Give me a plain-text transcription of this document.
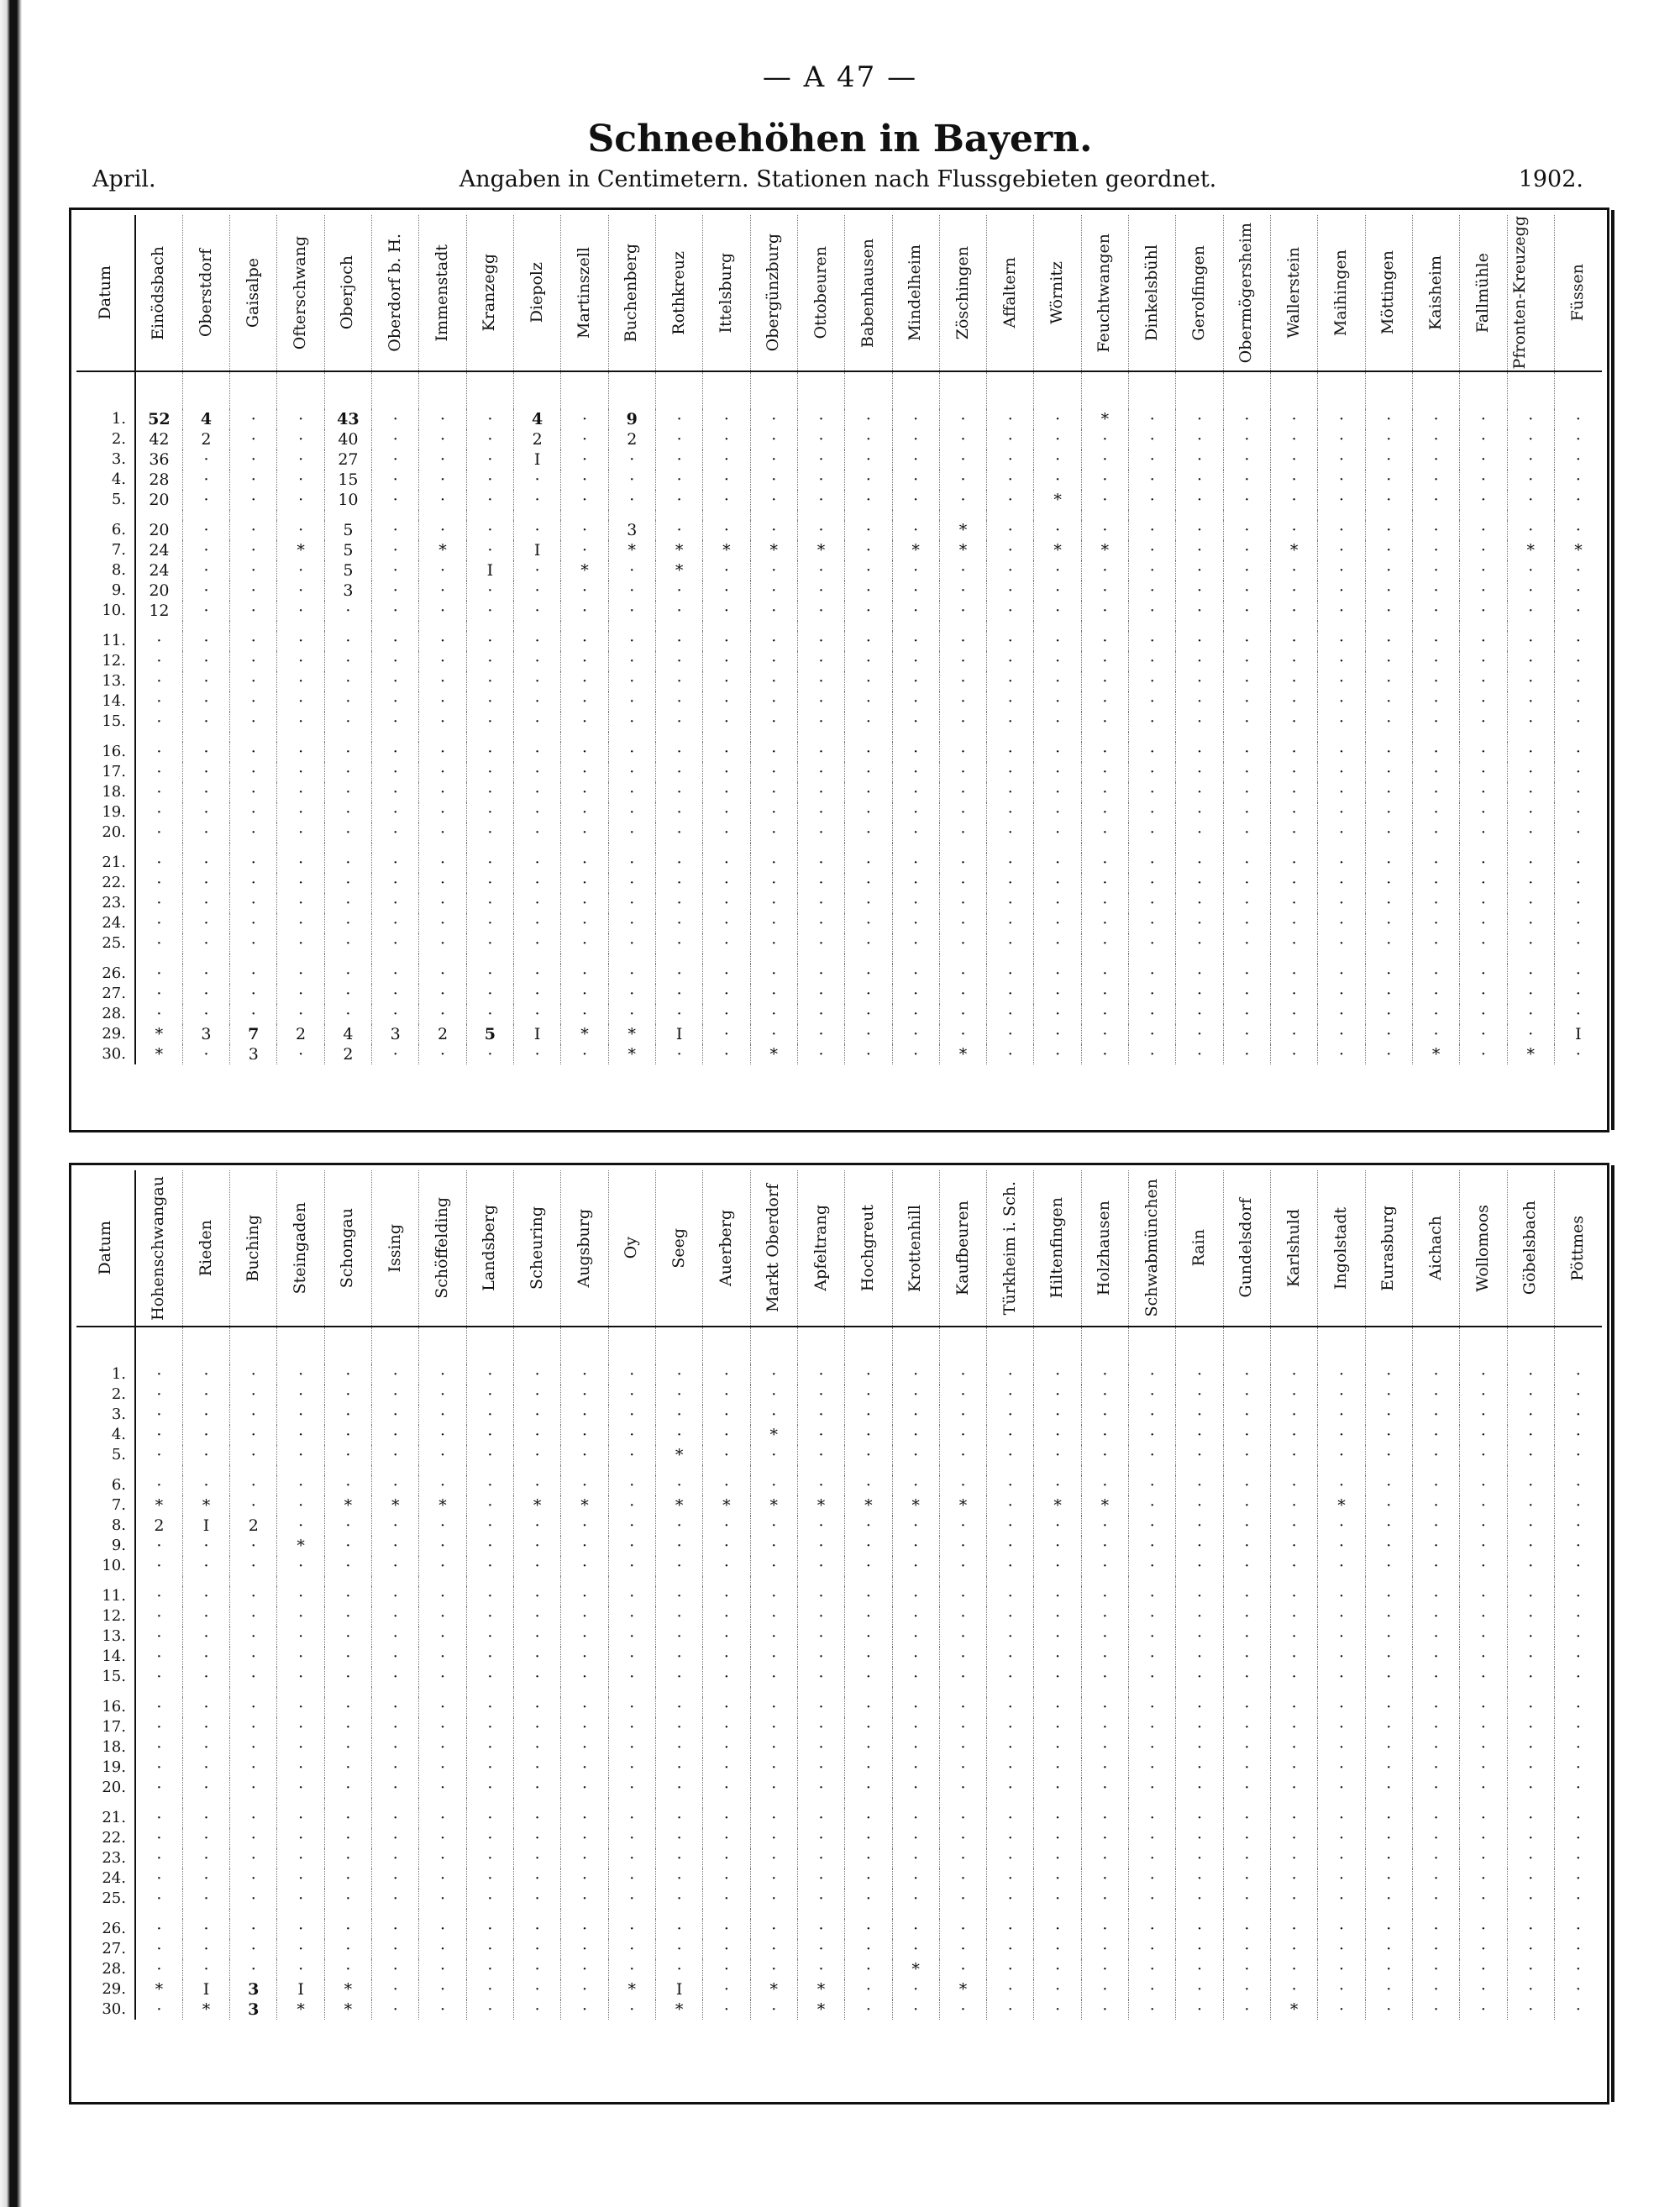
— A 47 —
Schneehöhen in Bayern.
Angaben in Centimetern. Stationen nach Flussgebieten geordnet.
April.	1902.
Datum	Einödsbach	Oberstdorf	Gaisalpe	Ofterschwang	Oberjoch	Oberdorf b. H.	Immenstadt	Kranzegg	Diepolz	Martinszell	Buchenberg	Rothkreuz	Ittelsburg	Obergünzburg	Ottobeuren	Babenhausen	Mindelheim	Zöschingen	Affaltern	Wörnitz	Feuchtwangen	Dinkelsbühl	Gerolfingen	Obermögersheim	Wallerstein	Maihingen	Möttingen	Kaisheim	Fallmühle	Pfronten-Kreuzegg	Füssen

1.	52	4	·	·	43	·	·	·	4	·	9	·	·	·	·	·	·	·	·	·	*	·	·	·	·	·	·	·	·	·	·
2.	42	2	·	·	40	·	·	·	2	·	2	·	·	·	·	·	·	·	·	·	·	·	·	·	·	·	·	·	·	·	·
3.	36	·	·	·	27	·	·	·	I	·	·	·	·	·	·	·	·	·	·	·	·	·	·	·	·	·	·	·	·	·	·
4.	28	·	·	·	15	·	·	·	·	·	·	·	·	·	·	·	·	·	·	·	·	·	·	·	·	·	·	·	·	·	·
5.	20	·	·	·	10	·	·	·	·	·	·	·	·	·	·	·	·	·	·	*	·	·	·	·	·	·	·	·	·	·	·

6.	20	·	·	·	5	·	·	·	·	·	3	·	·	·	·	·	·	*	·	·	·	·	·	·	·	·	·	·	·	·	·
7.	24	·	·	*	5	·	*	·	I	·	*	*	*	*	*	·	*	*	·	*	*	·	·	·	*	·	·	·	·	*	*
8.	24	·	·	·	5	·	·	I	·	*	·	*	·	·	·	·	·	·	·	·	·	·	·	·	·	·	·	·	·	·	·
9.	20	·	·	·	3	·	·	·	·	·	·	·	·	·	·	·	·	·	·	·	·	·	·	·	·	·	·	·	·	·	·
10.	12	·	·	·	·	·	·	·	·	·	·	·	·	·	·	·	·	·	·	·	·	·	·	·	·	·	·	·	·	·	·

11.	·	·	·	·	·	·	·	·	·	·	·	·	·	·	·	·	·	·	·	·	·	·	·	·	·	·	·	·	·	·	·
12.	·	·	·	·	·	·	·	·	·	·	·	·	·	·	·	·	·	·	·	·	·	·	·	·	·	·	·	·	·	·	·
13.	·	·	·	·	·	·	·	·	·	·	·	·	·	·	·	·	·	·	·	·	·	·	·	·	·	·	·	·	·	·	·
14.	·	·	·	·	·	·	·	·	·	·	·	·	·	·	·	·	·	·	·	·	·	·	·	·	·	·	·	·	·	·	·
15.	·	·	·	·	·	·	·	·	·	·	·	·	·	·	·	·	·	·	·	·	·	·	·	·	·	·	·	·	·	·	·

16.	·	·	·	·	·	·	·	·	·	·	·	·	·	·	·	·	·	·	·	·	·	·	·	·	·	·	·	·	·	·	·
17.	·	·	·	·	·	·	·	·	·	·	·	·	·	·	·	·	·	·	·	·	·	·	·	·	·	·	·	·	·	·	·
18.	·	·	·	·	·	·	·	·	·	·	·	·	·	·	·	·	·	·	·	·	·	·	·	·	·	·	·	·	·	·	·
19.	·	·	·	·	·	·	·	·	·	·	·	·	·	·	·	·	·	·	·	·	·	·	·	·	·	·	·	·	·	·	·
20.	·	·	·	·	·	·	·	·	·	·	·	·	·	·	·	·	·	·	·	·	·	·	·	·	·	·	·	·	·	·	·

21.	·	·	·	·	·	·	·	·	·	·	·	·	·	·	·	·	·	·	·	·	·	·	·	·	·	·	·	·	·	·	·
22.	·	·	·	·	·	·	·	·	·	·	·	·	·	·	·	·	·	·	·	·	·	·	·	·	·	·	·	·	·	·	·
23.	·	·	·	·	·	·	·	·	·	·	·	·	·	·	·	·	·	·	·	·	·	·	·	·	·	·	·	·	·	·	·
24.	·	·	·	·	·	·	·	·	·	·	·	·	·	·	·	·	·	·	·	·	·	·	·	·	·	·	·	·	·	·	·
25.	·	·	·	·	·	·	·	·	·	·	·	·	·	·	·	·	·	·	·	·	·	·	·	·	·	·	·	·	·	·	·

26.	·	·	·	·	·	·	·	·	·	·	·	·	·	·	·	·	·	·	·	·	·	·	·	·	·	·	·	·	·	·	·
27.	·	·	·	·	·	·	·	·	·	·	·	·	·	·	·	·	·	·	·	·	·	·	·	·	·	·	·	·	·	·	·
28.	·	·	·	·	·	·	·	·	·	·	·	·	·	·	·	·	·	·	·	·	·	·	·	·	·	·	·	·	·	·	·
29.	*	3	7	2	4	3	2	5	I	*	*	I	·	·	·	·	·	·	·	·	·	·	·	·	·	·	·	·	·	·	I
30.	*	·	3	·	2	·	·	·	·	·	*	·	·	*	·	·	·	*	·	·	·	·	·	·	·	·	·	*	·	*	·
Datum	Hohenschwangau	Rieden	Buching	Steingaden	Schongau	Issing	Schöffelding	Landsberg	Scheuring	Augsburg	Oy	Seeg	Auerberg	Markt Oberdorf	Apfeltrang	Hochgreut	Krottenhill	Kaufbeuren	Türkheim i. Sch.	Hiltenfingen	Holzhausen	Schwabmünchen	Rain	Gundelsdorf	Karlshuld	Ingolstadt	Eurasburg	Aichach	Wollomoos	Göbelsbach	Pöttmes

1.	·	·	·	·	·	·	·	·	·	·	·	·	·	·	·	·	·	·	·	·	·	·	·	·	·	·	·	·	·	·	·
2.	·	·	·	·	·	·	·	·	·	·	·	·	·	·	·	·	·	·	·	·	·	·	·	·	·	·	·	·	·	·	·
3.	·	·	·	·	·	·	·	·	·	·	·	·	·	·	·	·	·	·	·	·	·	·	·	·	·	·	·	·	·	·	·
4.	·	·	·	·	·	·	·	·	·	·	·	·	·	*	·	·	·	·	·	·	·	·	·	·	·	·	·	·	·	·	·
5.	·	·	·	·	·	·	·	·	·	·	·	*	·	·	·	·	·	·	·	·	·	·	·	·	·	·	·	·	·	·	·

6.	·	·	·	·	·	·	·	·	·	·	·	·	·	·	·	·	·	·	·	·	·	·	·	·	·	·	·	·	·	·	·
7.	*	*	·	·	*	*	*	·	*	*	·	*	*	*	*	*	*	*	·	*	*	·	·	·	·	*	·	·	·	·	·
8.	2	I	2	·	·	·	·	·	·	·	·	·	·	·	·	·	·	·	·	·	·	·	·	·	·	·	·	·	·	·	·
9.	·	·	·	*	·	·	·	·	·	·	·	·	·	·	·	·	·	·	·	·	·	·	·	·	·	·	·	·	·	·	·
10.	·	·	·	·	·	·	·	·	·	·	·	·	·	·	·	·	·	·	·	·	·	·	·	·	·	·	·	·	·	·	·

11.	·	·	·	·	·	·	·	·	·	·	·	·	·	·	·	·	·	·	·	·	·	·	·	·	·	·	·	·	·	·	·
12.	·	·	·	·	·	·	·	·	·	·	·	·	·	·	·	·	·	·	·	·	·	·	·	·	·	·	·	·	·	·	·
13.	·	·	·	·	·	·	·	·	·	·	·	·	·	·	·	·	·	·	·	·	·	·	·	·	·	·	·	·	·	·	·
14.	·	·	·	·	·	·	·	·	·	·	·	·	·	·	·	·	·	·	·	·	·	·	·	·	·	·	·	·	·	·	·
15.	·	·	·	·	·	·	·	·	·	·	·	·	·	·	·	·	·	·	·	·	·	·	·	·	·	·	·	·	·	·	·

16.	·	·	·	·	·	·	·	·	·	·	·	·	·	·	·	·	·	·	·	·	·	·	·	·	·	·	·	·	·	·	·
17.	·	·	·	·	·	·	·	·	·	·	·	·	·	·	·	·	·	·	·	·	·	·	·	·	·	·	·	·	·	·	·
18.	·	·	·	·	·	·	·	·	·	·	·	·	·	·	·	·	·	·	·	·	·	·	·	·	·	·	·	·	·	·	·
19.	·	·	·	·	·	·	·	·	·	·	·	·	·	·	·	·	·	·	·	·	·	·	·	·	·	·	·	·	·	·	·
20.	·	·	·	·	·	·	·	·	·	·	·	·	·	·	·	·	·	·	·	·	·	·	·	·	·	·	·	·	·	·	·

21.	·	·	·	·	·	·	·	·	·	·	·	·	·	·	·	·	·	·	·	·	·	·	·	·	·	·	·	·	·	·	·
22.	·	·	·	·	·	·	·	·	·	·	·	·	·	·	·	·	·	·	·	·	·	·	·	·	·	·	·	·	·	·	·
23.	·	·	·	·	·	·	·	·	·	·	·	·	·	·	·	·	·	·	·	·	·	·	·	·	·	·	·	·	·	·	·
24.	·	·	·	·	·	·	·	·	·	·	·	·	·	·	·	·	·	·	·	·	·	·	·	·	·	·	·	·	·	·	·
25.	·	·	·	·	·	·	·	·	·	·	·	·	·	·	·	·	·	·	·	·	·	·	·	·	·	·	·	·	·	·	·

26.	·	·	·	·	·	·	·	·	·	·	·	·	·	·	·	·	·	·	·	·	·	·	·	·	·	·	·	·	·	·	·
27.	·	·	·	·	·	·	·	·	·	·	·	·	·	·	·	·	·	·	·	·	·	·	·	·	·	·	·	·	·	·	·
28.	·	·	·	·	·	·	·	·	·	·	·	·	·	·	·	·	*	·	·	·	·	·	·	·	·	·	·	·	·	·	·
29.	*	I	3	I	*	·	·	·	·	·	*	I	·	*	*	·	·	*	·	·	·	·	·	·	·	·	·	·	·	·	·
30.	·	*	3	*	*	·	·	·	·	·	·	*	·	·	*	·	·	·	·	·	·	·	·	·	*	·	·	·	·	·	·
